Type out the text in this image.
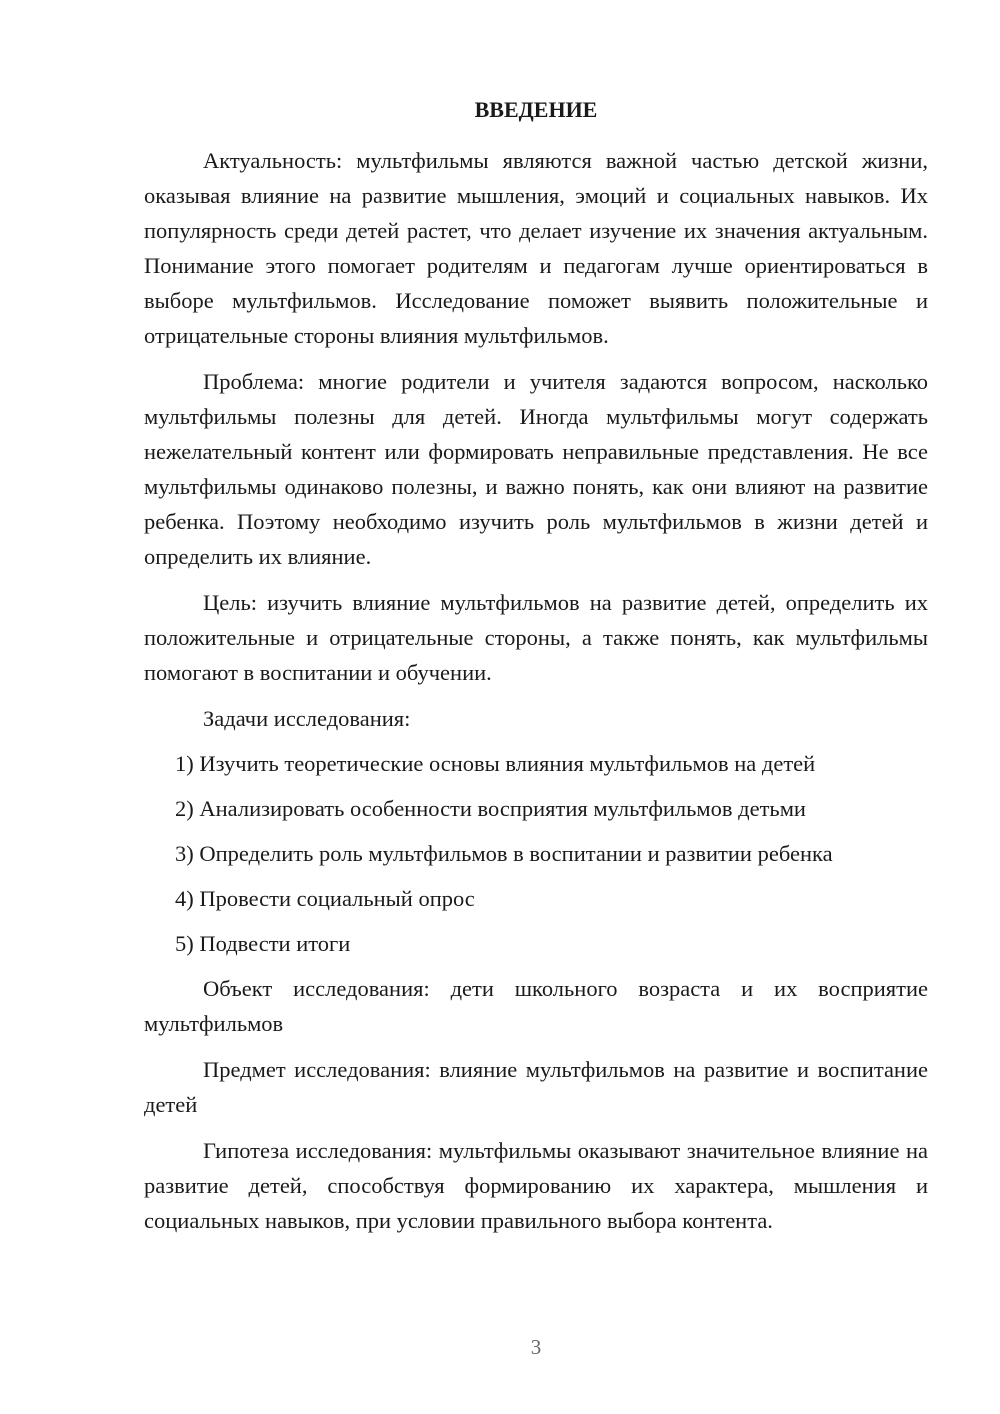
ВВЕДЕНИЕ

Актуальность: мультфильмы являются важной частью детской жизни, оказывая влияние на развитие мышления, эмоций и социальных навыков. Их популярность среди детей растет, что делает изучение их значения актуальным. Понимание этого помогает родителям и педагогам лучше ориентироваться в выборе мультфильмов. Исследование поможет выявить положительные и отрицательные стороны влияния мультфильмов.

Проблема: многие родители и учителя задаются вопросом, насколько мультфильмы полезны для детей. Иногда мультфильмы могут содержать нежелательный контент или формировать неправильные представления. Не все мультфильмы одинаково полезны, и важно понять, как они влияют на развитие ребенка. Поэтому необходимо изучить роль мультфильмов в жизни детей и определить их влияние.

Цель: изучить влияние мультфильмов на развитие детей, определить их положительные и отрицательные стороны, а также понять, как мультфильмы помогают в воспитании и обучении.

Задачи исследования:

1) Изучить теоретические основы влияния мультфильмов на детей
2) Анализировать особенности восприятия мультфильмов детьми
3) Определить роль мультфильмов в воспитании и развитии ребенка
4) Провести социальный опрос
5) Подвести итоги

Объект исследования: дети школьного возраста и их восприятие мультфильмов

Предмет исследования: влияние мультфильмов на развитие и воспитание детей

Гипотеза исследования: мультфильмы оказывают значительное влияние на развитие детей, способствуя формированию их характера, мышления и социальных навыков, при условии правильного выбора контента.

3
